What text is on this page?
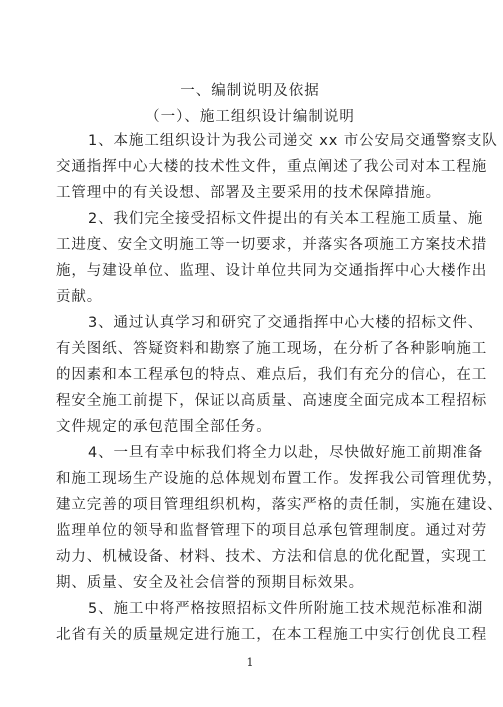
一、编制说明及依据
（一）、施工组织设计编制说明
1、本施工组织设计为我公司递交 xx 市公安局交通警察支队
交通指挥中心大楼的技术性文件，重点阐述了我公司对本工程施
工管理中的有关设想、部署及主要采用的技术保障措施。
2、我们完全接受招标文件提出的有关本工程施工质量、施
工进度、安全文明施工等一切要求，并落实各项施工方案技术措
施，与建设单位、监理、设计单位共同为交通指挥中心大楼作出
贡献。
3、通过认真学习和研究了交通指挥中心大楼的招标文件、
有关图纸、答疑资料和勘察了施工现场，在分析了各种影响施工
的因素和本工程承包的特点、难点后，我们有充分的信心，在工
程安全施工前提下，保证以高质量、高速度全面完成本工程招标
文件规定的承包范围全部任务。
4、一旦有幸中标我们将全力以赴，尽快做好施工前期准备
和施工现场生产设施的总体规划布置工作。发挥我公司管理优势，
建立完善的项目管理组织机构，落实严格的责任制，实施在建设、
监理单位的领导和监督管理下的项目总承包管理制度。通过对劳
动力、机械设备、材料、技术、方法和信息的优化配置，实现工
期、质量、安全及社会信誉的预期目标效果。
5、施工中将严格按照招标文件所附施工技术规范标准和湖
北省有关的质量规定进行施工，在本工程施工中实行创优良工程
1
